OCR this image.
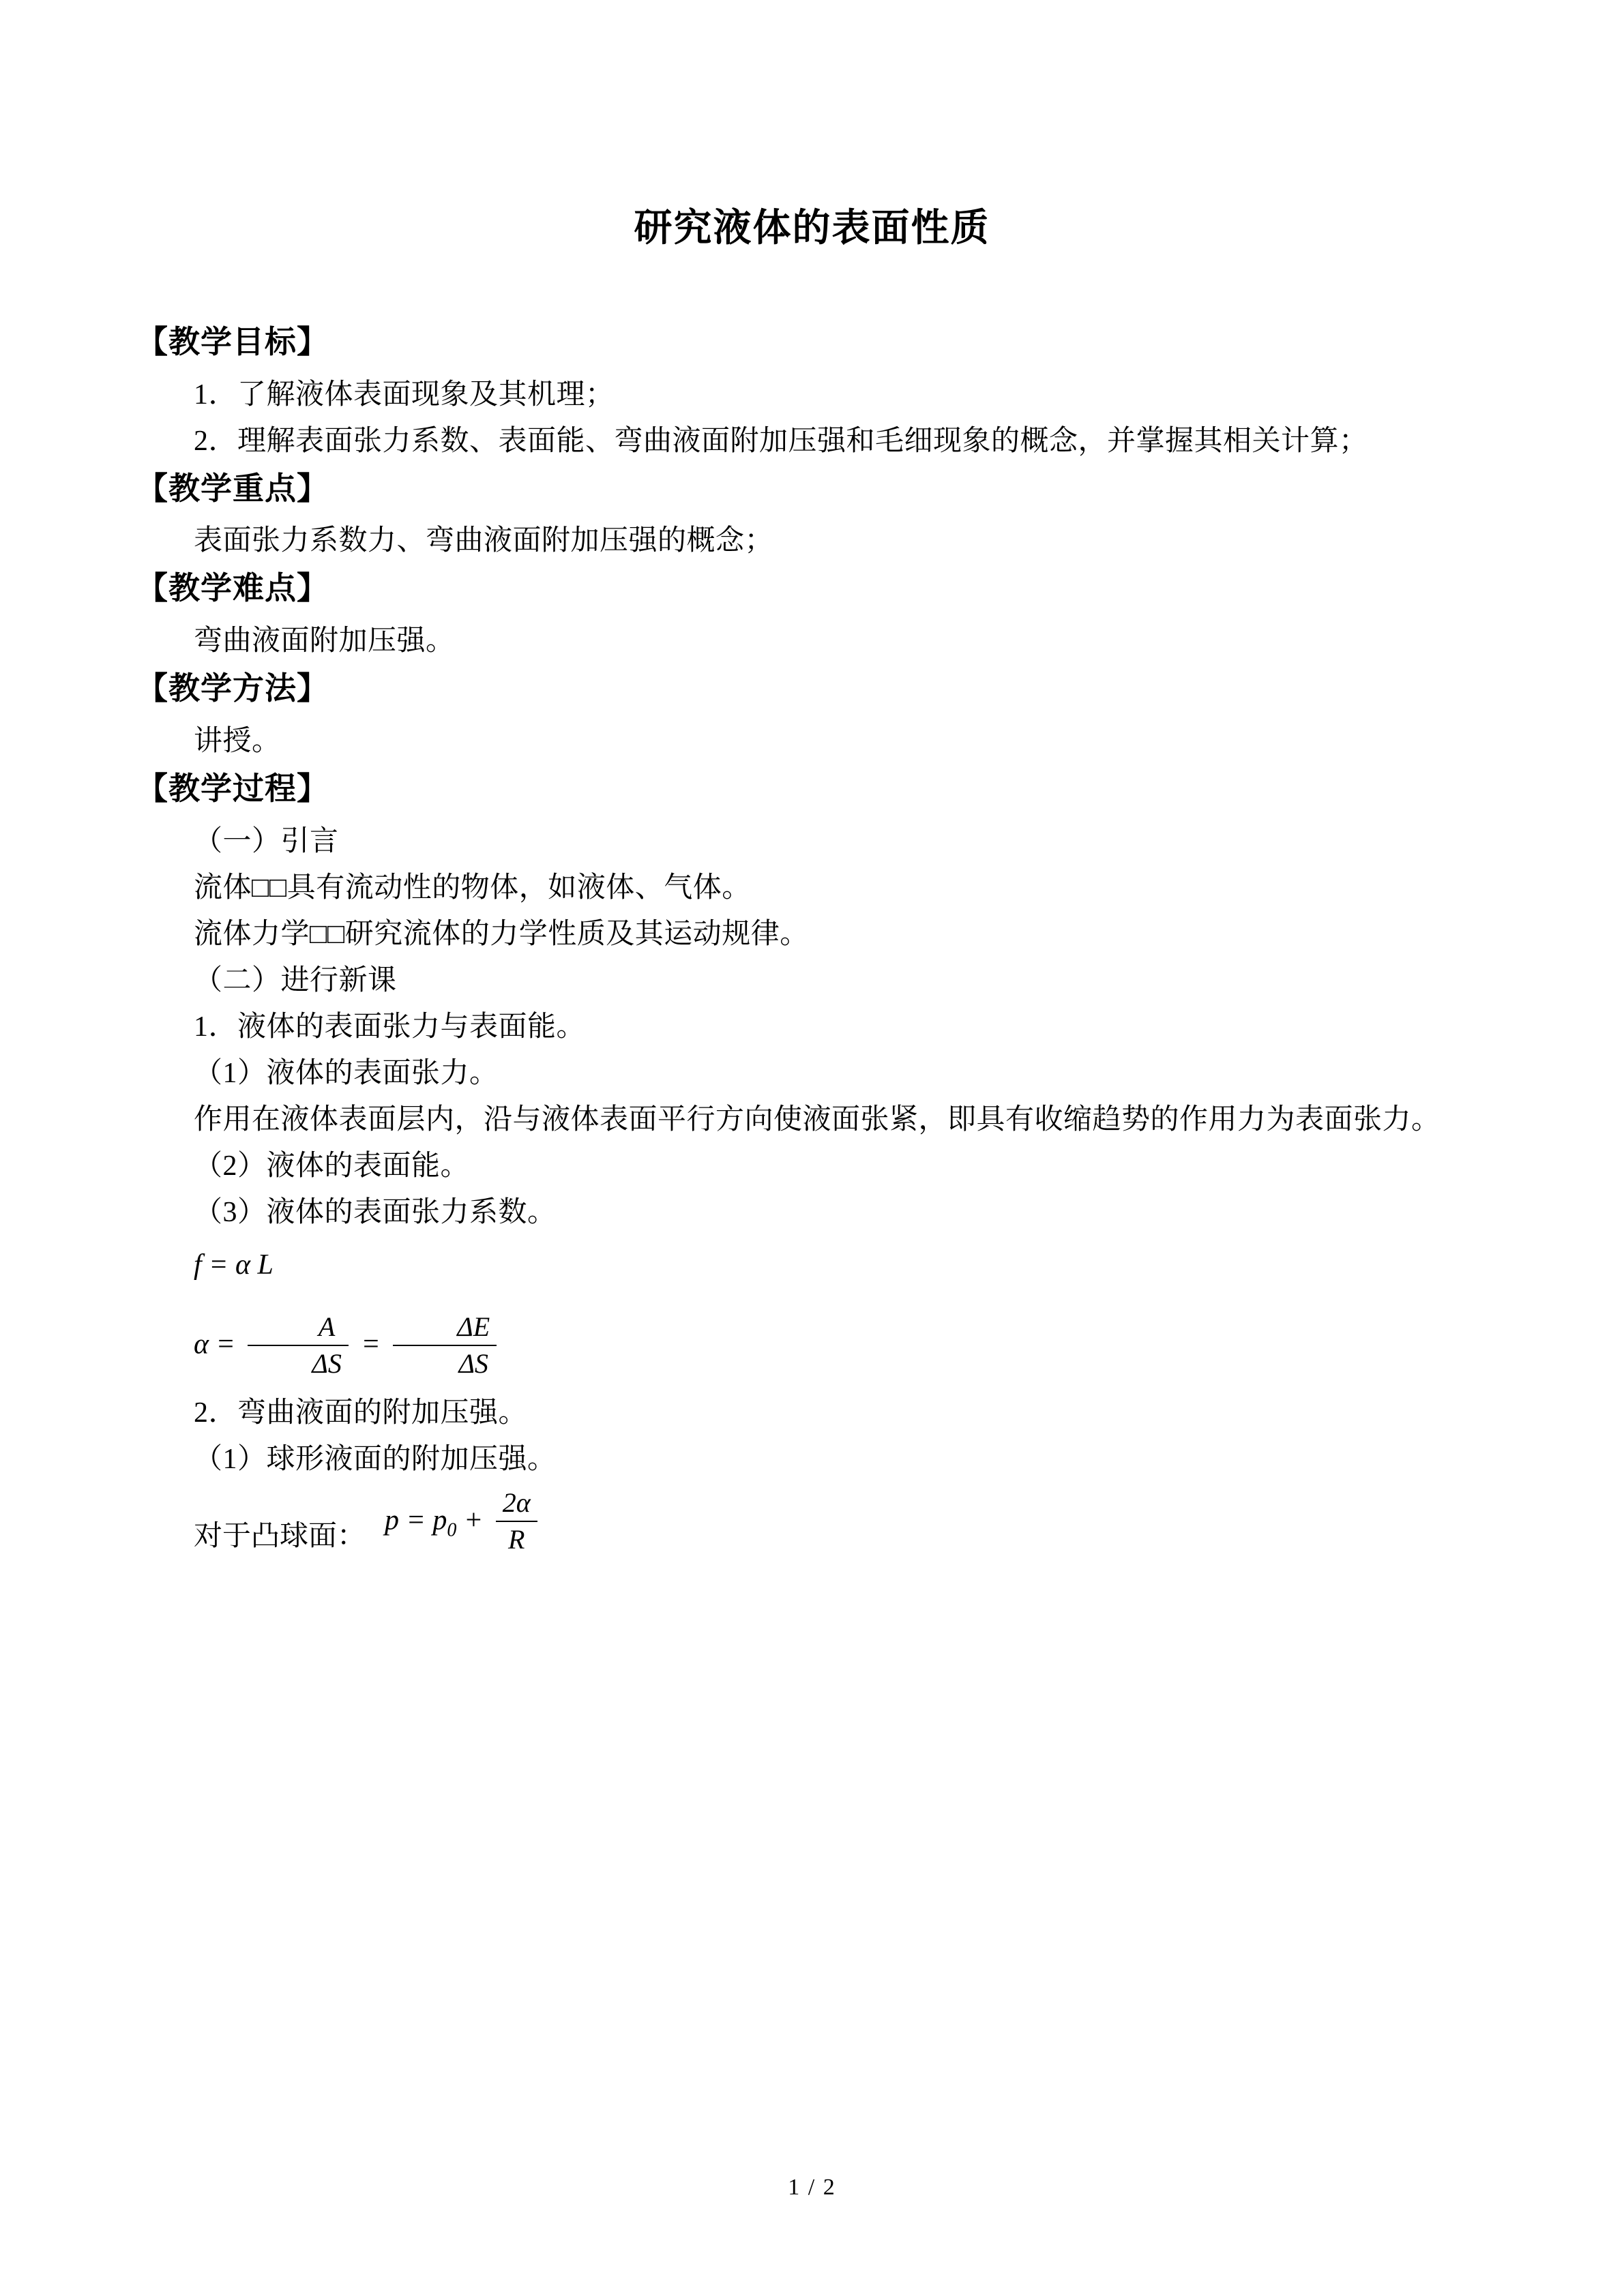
研究液体的表面性质
【教学目标】

1．了解液体表面现象及其机理；

2．理解表面张力系数、表面能、弯曲液面附加压强和毛细现象的概念，并掌握其相关计算；

【教学重点】

表面张力系数力、弯曲液面附加压强的概念；

【教学难点】

弯曲液面附加压强。

【教学方法】

讲授。

【教学过程】

（一）引言

流体□□具有流动性的物体，如液体、气体。

流体力学□□研究流体的力学性质及其运动规律。

（二）进行新课

1．液体的表面张力与表面能。

（1）液体的表面张力。

作用在液体表面层内，沿与液体表面平行方向使液面张紧，即具有收缩趋势的作用力为表面张力。

（2）液体的表面能。

（3）液体的表面张力系数。

f = α L
$\alpha = \frac{A}{\Delta S} = \frac{\Delta E}{\Delta S}$

2．弯曲液面的附加压强。

（1）球形液面的附加压强。

对于凸球面：
$p = p_0 + \frac{2\alpha}{R}$
1 / 2
